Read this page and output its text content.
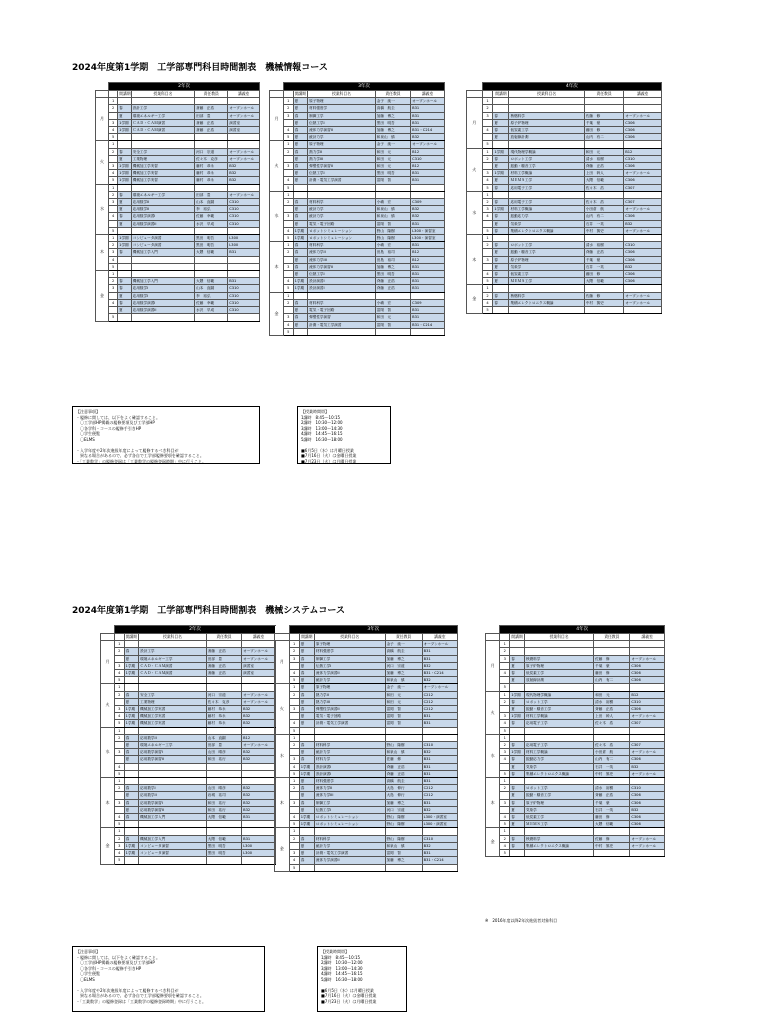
2024年度第1学期　工学部専門科目時間割表　機械情報コース
	2年次				
		開講期	授業科目名	責任教員	講義室
月	1				
	2	春	設計工学	斎藤　正浩	オープンホール
		夏	環境エネルギー工学	田部　豊	オープンホール
	3	1学期	ＣＡＤ・ＣＡＭ演習	斎藤　正浩	演習室
	4	1学期	ＣＡＤ・ＣＡＭ演習	斎藤　正浩	演習室
	5				
火	1				
	2	春	安全工学	河口　宗道	オープンホール
		夏	工業物理	佐々木　克彦	オープンホール
	3	1学期	機械加工学実習	藤村　恭永	B32
	4	1学期	機械加工学実習	藤村　恭永	B32
	5	1学期	機械加工学実習	藤村　恭永	B32
水	1				
	2	春	環境エネルギー工学	田部　豊	オープンホール
	3	夏	応用数学II	山本　直嗣	C310
		夏	応用数学II	李　裕弘	C310
	4	春	応用数学演習I	佐藤　幸範	C310
		夏	応用数学演習II	水沢　早成	C310
	5				
木	1	1学期	コンピュータ演習	黒田　明吾	L300
	2	1学期	コンピュータ演習	黒田　明吾	L300
	3	春	機械加工学入門	大隈　信範	B31
	4				
	5				
金	1				
	2	春	機械加工学入門	大隈　信範	B31
	3	春	応用数学I	山本　直嗣	C310
		夏	応用数学I	李　裕弘	C310
	4	春	応用数学演習I	佐藤　幸範	C310
		夏	応用数学演習II	水沢　早成	C310
	5				
	3年次				
		開講期	授業科目名	責任教員	講義室
月	1	夏	原子物理	金子　純一	オープンホール
	2	夏	材料強度学	高橋　航圭	B31
	3	春	制御工学	加藤　博之	B31
		夏	伝熱工学I	黒田　明吾	B31
	4	春	流体力学演習II	加藤　博之	B31・C214
	5	夏	統計力学	和泉山　慎	B32
火	1	夏	原子物理	金子　純一	オープンホール
	2	春	熱力学II	和田　元	B12
		夏	熱力学III	和田　元	C310
	3	春	弾塑性学演習II	和田　元	B12
		夏	伝熱工学I	黒田　明吾	B31
	4	夏	計測・電気工学演習	富岡　智	B31
	5				
水	1				
	2	春	材料科学	小嶋　宏	C309
		夏	統計力学	和泉山　慎	B32
	3	春	統計力学	和泉山　慎	B32
		夏	電気・電子回路	富岡　智	B31
	4	1学期	ロボットシミュレーション	野山　隆樹	L300・演習室
	5	1学期	ロボットシミュレーション	野山　隆樹	L300・演習室
木	1	春	材料科学	小嶋　宏	B31
	2	春	流体力学II	田島　裕司	B12
		夏	流体力学III	田島　裕司	B12
	3	春	流体力学演習II	加藤　博之	B31
		夏	伝熱工学I	黒田　明吾	B31
	4	1学期	設計演習I	斉藤　正浩	B31
	5	1学期	設計演習I	斉藤　正浩	B31
金	1				
	2	春	材料科学	小嶋　宏	C309
		夏	電気・電子回路	富岡　智	B31
	3	春	弾塑性学演習	和田　元	B31
	4	夏	計測・電気工学演習	富岡　智	B31・C214
	5				
	4年次				
		開講期	授業科目名	責任教員	講義室
月	1				
	2				
	3	春	核燃料学	佐藤　修	オープンホール
		夏	原子炉物理	千葉　豪	C306
	4	春	低炭素工学	藤田　修	C306
		夏	放射線計測	山内　有二	C306
	5				
火	1	1学期	現代物理学概論	和田　元	B12
	2	春	ロボット工学	清水　裕樹	C310
		夏	振動・騒音工学	斉藤　正浩	C306
	3	1学期	材料工学概論	上田　幹人	オープンホール
	4	夏	ＭＥＭＳ工学	大隈　信範	C306
	5	春	応用電子工学	佐々木　浩	C307
水	1				
	2	春	応用電子工学	佐々木　浩	C307
	3	1学期	材料工学概論	小田倉　航	オープンホール
	4	春	振動応力学	山内　有二	C306
		夏	気象学	石井　一英	B32
	5	春	集積エレクトロニクス概論	中村　篤史	オープンホール
木	1				
	2	春	ロボット工学	清水　裕樹	C310
		夏	振動・騒音工学	斉藤　正浩	C306
	3	春	原子炉物理	千葉　豪	C306
		夏	気象学	石井　一英	B32
	4	春	低炭素工学	藤田　修	C306
	5	夏	ＭＥＭＳ工学	大隈　信範	C306
金	1				
	2	春	核燃料学	佐藤　修	オープンホール
	4	春	集積エレクトロニクス概論	中村　篤史	オープンホール
	5				
【注意事項】
・履修に関しては、以下をよく確認すること。
　〇工学部HP掲載の履修要項及び工学部HP
　〇各学科・コースの履修手引きHP
　〇学生便覧
　〇ELMS

・入学年度や2年次進級年度によって履修するべき科目が
　異なる場合があるので、必ず各自で工学部履修要項を確認すること。
・「工業数学」の履修登録は「工業数学の履修登録時期」中に行うこと。
【授業時間帯】
1講時　8:45〜10:15
2講時　10:30〜12:00
3講時　13:00〜14:30
4講時　14:45〜16:15
5講時　16:30〜18:00

■6月5日（水）は月曜日授業
■7月16日（火）は金曜日授業
■7月23日（火）は月曜日授業
2024年度第1学期　工学部専門科目時間割表　機械システムコース
	2年次				
		開講期	授業科目名	責任教員	講義室
月	1				
	2	春	設計工学	斎藤　正浩	オープンホール
		夏	環境エネルギー工学	田部　豊	オープンホール
	3	1学期	ＣＡＤ・ＣＡＭ演習	斎藤　正浩	演習室
	4	1学期	ＣＡＤ・ＣＡＭ演習	斎藤　正浩	演習室
	5				
火	1				
	2	春	安全工学	河口　宗道	オープンホール
		夏	工業物理	佐々木　克彦	オープンホール
	3	1学期	機械加工学実習	藤村　恭永	B32
	4	1学期	機械加工学実習	藤村　恭永	B32
	5	1学期	機械加工学実習	藤村　恭永	B32
水	1				
	2	春	応用数学II	山本　直嗣	B12
		夏	環境エネルギー工学	田部　豊	オープンホール
	3	春	応用数学演習I	山田　晴彦	B32
		夏	応用数学演習II	和田　祐行	B32
	4				
	5				
木	1				
	2	春	応用数学I	山田　晴彦	B32
		夏	応用数学II	岩城　祐司	B32
	3	春	応用数学演習I	和田　祐行	B32
		夏	応用数学演習II	和田　祐行	B32
	4	春	機械加工学入門	大隈　信範	B31
	5				
金	1				
	2	春	機械加工学入門	大隈　信範	B31
	3	1学期	コンピュータ演習	黒田　明吾	L300
	4	1学期	コンピュータ演習	黒田　明吾	L300
	5				
	3年次				
		開講期	授業科目名	責任教員	講義室
月	1	夏	原子物理	金子　純一	オープンホール
	2	夏	材料強度学	高橋　航圭	B31
	3	春	制御工学	加藤　博之	B31
		夏	伝熱工学I	河口　宗道	B32
	4	春	流体力学演習II	加藤　博之	B31・C214
	5	夏	統計力学	和泉山　慎	B32
火	1	夏	原子物理	金子　純一	オープンホール
	2	春	熱力学II	和田　元	C212
		夏	熱力学III	和田　元	C212
	3	春	弾塑性学演習II	富岡　智	C212
		夏	電気・電子回路	富岡　智	B31
	4	夏	計測・電気工学演習	富岡　智	B31
	5				
水	1				
	2	春	材料科学	野山　隆樹	C310
		夏	統計力学	和泉山　慎	B32
	3	春	材料力学	佐藤　修	B31
	4	1学期	設計演習I	斉藤　正浩	B31
	5	1学期	設計演習I	斉藤　正浩	B31
木	1	夏	材料強度学	高橋　航圭	B31
	2	春	流体力学II	大島　伸行	C212
		夏	流体力学III	大島　伸行	C212
	3	春	制御工学	加藤　博之	B31
		夏	伝熱工学I	河口　宗道	B32
	4	1学期	ロボットシミュレーション	野山　隆樹	L300・演習室
	5	1学期	ロボットシミュレーション	野山　隆樹	L300・演習室
金	1				
	2	春	材料科学	野山　隆樹	C310
		夏	統計力学	和泉山　慎	B32
	3	夏	計測・電気工学演習	富岡　智	B31
	4	春	流体力学演習II	加藤　博之	B31・C214
	5				
	4年次				
		開講期	授業科目名	責任教員	講義室
月	1				
	2				
	3	春	核燃料学	佐藤　修	オープンホール
		夏	原子炉物理	千葉　豪	C306
	4	春	低炭素工学	藤田　修	C306
		夏	放射線計測	山内　有二	C306
	5				
火	1	1学期	現代物理学概論	和田　元	B12
	2	春	ロボット工学	清水　裕樹	C310
		夏	振動・騒音工学	斉藤　正浩	C306
	3	1学期	材料工学概論	上田　幹人	オープンホール
	4	春	応用電子工学	佐々木　浩	C307
	5				
水	1				
	2	春	応用電子工学	佐々木　浩	C307
	3	1学期	材料工学概論	小田倉　航	オープンホール
	4	春	振動応力学	山内　有二	C306
		夏	気象学	石井　一英	B32
	5	春	集積エレクトロニクス概論	中村　篤史	オープンホール
木	1				
	2	春	ロボット工学	清水　裕樹	C310
		夏	振動・騒音工学	斉藤　正浩	C306
	3	春	原子炉物理	千葉　豪	C306
		夏	気象学	石井　一英	B32
	4	春	低炭素工学	藤田　修	C306
	5	夏	ＭＥＭＳ工学	大隈　信範	C306
金	1				
	2	春	核燃料学	佐藤　修	オープンホール
	4	春	集積エレクトロニクス概論	中村　篤史	オープンホール
	5				
※　2016年度以降2年次進級者対象科目
【注意事項】
・履修に関しては、以下をよく確認すること。
　〇工学部HP掲載の履修要項及び工学部HP
　〇各学科・コースの履修手引きHP
　〇学生便覧
　〇ELMS

・入学年度や2年次進級年度によって履修するべき科目が
　異なる場合があるので、必ず各自で工学部履修要項を確認すること。
・「工業数学」の履修登録は「工業数学の履修登録時期」中に行うこと。
【授業時間帯】
1講時　8:45〜10:15
2講時　10:30〜12:00
3講時　13:00〜14:30
4講時　14:45〜16:15
5講時　16:30〜18:00

■6月5日（水）は月曜日授業
■7月16日（火）は金曜日授業
■7月23日（火）は月曜日授業
